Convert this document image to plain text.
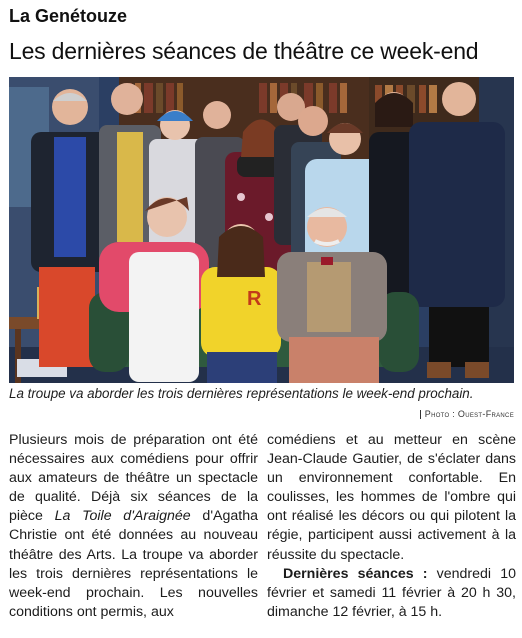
La Genétouze
Les dernières séances de théâtre ce week-end
R
La troupe va aborder les trois dernières représentations le week-end prochain.
Photo : Ouest-France

Plusieurs mois de préparation ont été nécessaires aux comédiens pour offrir aux amateurs de théâtre un spectacle de qualité. Déjà six séances de la pièce La Toile d'Araignée d'Agatha Christie ont été données au nouveau théâtre des Arts. La troupe va aborder les trois dernières représentations le week-end prochain. Les nouvelles conditions ont permis, aux

comédiens et au metteur en scène Jean-Claude Gautier, de s'éclater dans un environnement confortable. En coulisses, les hommes de l'ombre qui ont réalisé les décors ou qui pilotent la régie, participent aussi activement à la réussite du spectacle.

Dernières séances : vendredi 10 février et samedi 11 février à 20 h 30, dimanche 12 février, à 15 h.
